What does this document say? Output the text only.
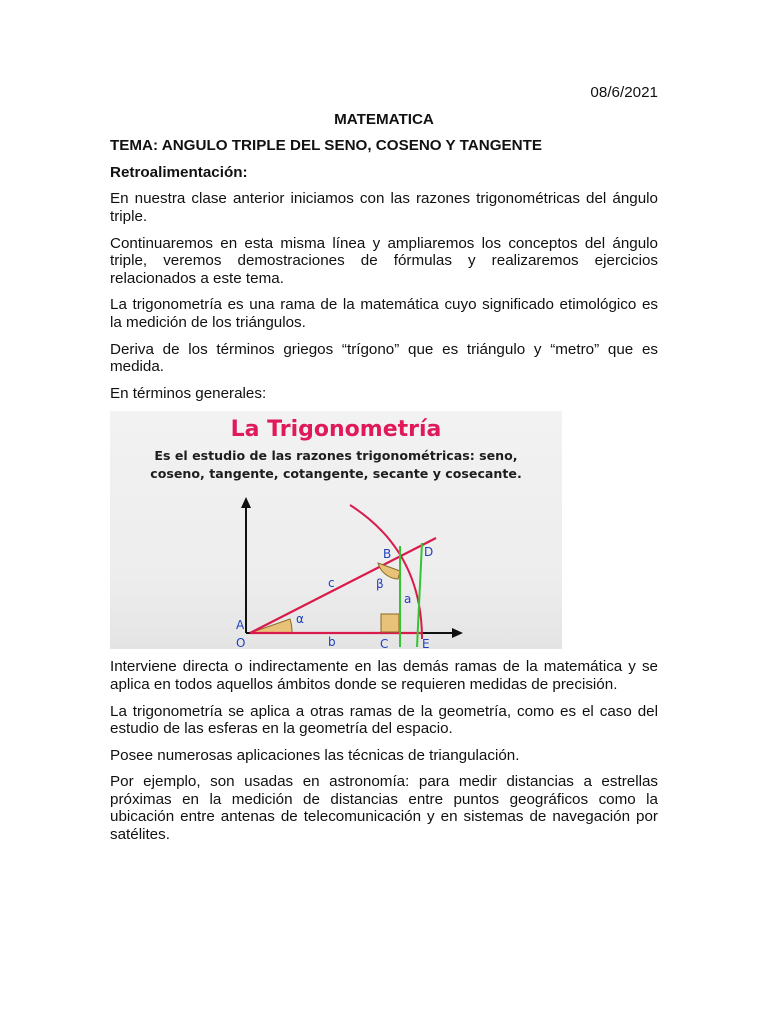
08/6/2021
MATEMATICA
TEMA: ANGULO TRIPLE DEL SENO, COSENO Y TANGENTE
Retroalimentación:

En nuestra clase anterior iniciamos con las razones trigonométricas del ángulo triple.

Continuaremos en esta misma línea y ampliaremos los conceptos del ángulo triple, veremos demostraciones de fórmulas y realizaremos ejercicios relacionados a este tema.

La trigonometría es una rama de la matemática cuyo significado etimológico es la medición de los triángulos.

Deriva de los términos griegos “trígono” que es triángulo y “metro” que es medida.

En términos generales:

La Trigonometría
Es el estudio de las razones trigonométricas: seno,
coseno, tangente, cotangente, secante y cosecante.
A
O
B	D
C	E
a
b
c
α
β

Interviene directa o indirectamente en las demás ramas de la matemática y se aplica en todos aquellos ámbitos donde se requieren medidas de precisión.

La trigonometría se aplica a otras ramas de la geometría, como es el caso del estudio de las esferas en la geometría del espacio.

Posee numerosas aplicaciones las técnicas de triangulación.

Por ejemplo, son usadas en astronomía: para medir distancias a estrellas próximas en la medición de distancias entre puntos geográficos como la ubicación entre antenas de telecomunicación y en sistemas de navegación por satélites.
